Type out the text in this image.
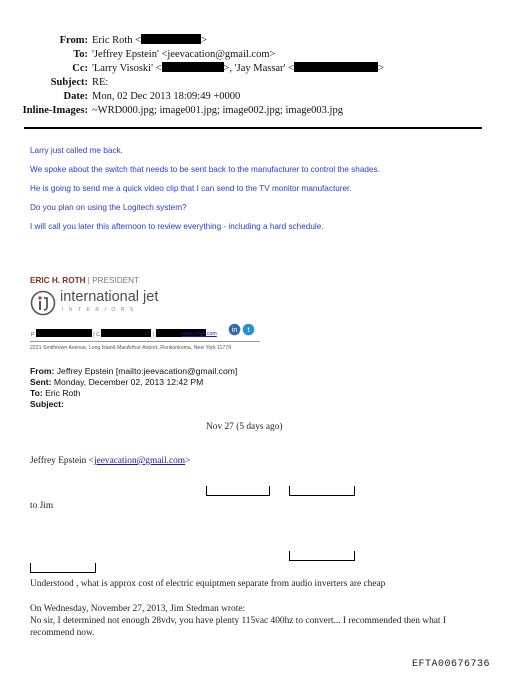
From: Eric Roth <	>
To: 'Jeffrey Epstein' <jeevacation@gmail.com>
Cc: 'Larry Visoski' <	>, 'Jay Massar' <	>
Subject: RE:
Date: Mon, 02 Dec 2013 18:09:49 +0000
Inline-Images: ~WRD000.jpg; image001.jpg; image002.jpg; image003.jpg
Larry just called me back.
We spoke about the switch that needs to be sent back to the manufacturer to control the shades.
He is going to send me a quick video clip that I can send to the TV monitor manufacturer.
Do you plan on using the Logitech system?
I will call you later this afternoon to review everything - including a hard schedule.
ERIC H. ROTH | PRESIDENT
international jet
INTERIORS
P	| C	|	www.intljet.com in t
2221 Smithtown Avenue, Long Island MacArthur Airport, Ronkonkoma, New York 11779
From: Jeffrey Epstein [mailto:jeevacation@gmail.com]
Sent: Monday, December 02, 2013 12:42 PM
To: Eric Roth
Subject:
Nov 27 (5 days ago)
Jeffrey Epstein <jeevacation@gmail.com>
to Jim
Understood , what is approx cost of electric equiptmen separate from audio inverters are cheap
On Wednesday, November 27, 2013, Jim Stedman wrote:
No sir, I determined not enough 28vdv, you have plenty 115vac 400hz to convert... I recommended then what I
recommend now.
EFTA00676736
